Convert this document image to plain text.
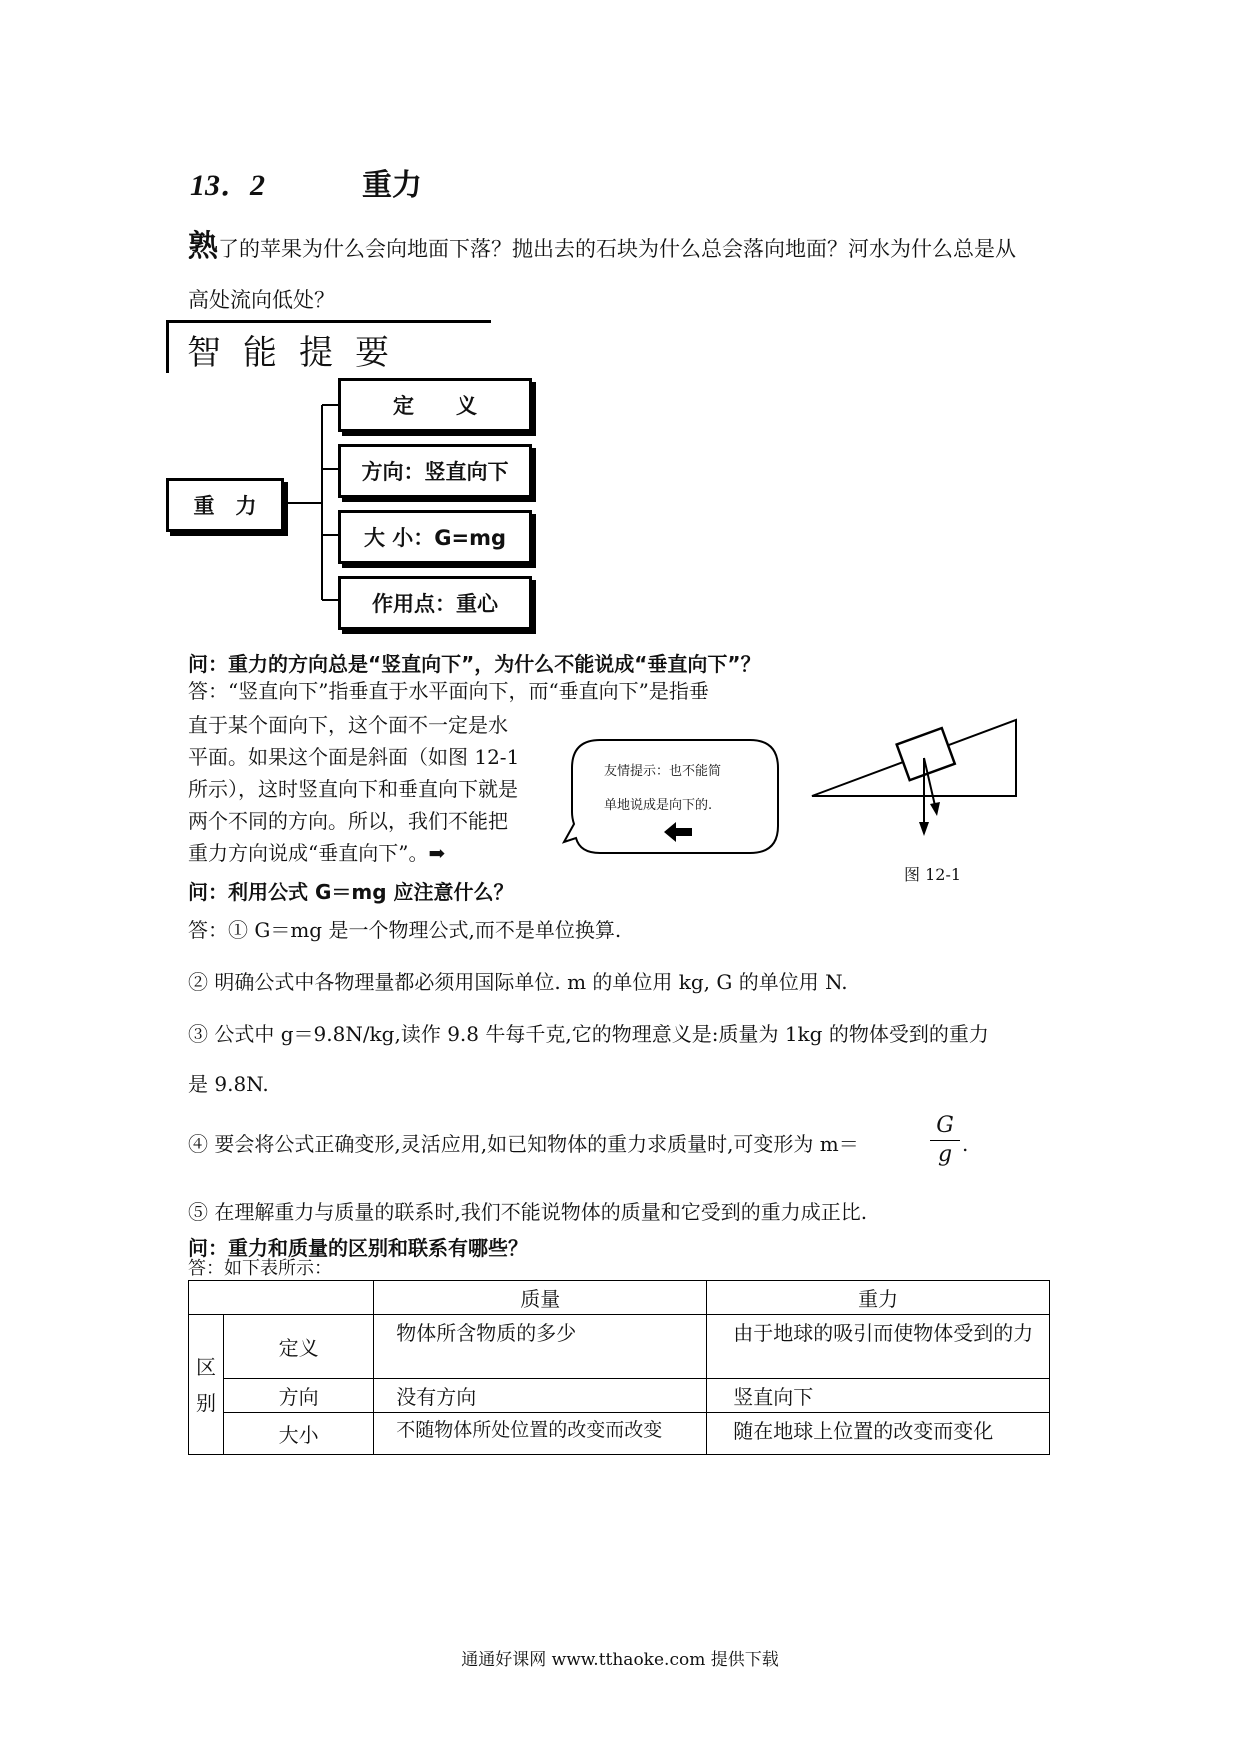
13．2	重力
熟了的苹果为什么会向地面下落？抛出去的石块为什么总会落向地面？河水为什么总是从
高处流向低处？
智能提要
重　力
定　　义
方向：竖直向下
大 小：G=mg
作用点：重心
问：重力的方向总是“竖直向下”，为什么不能说成“垂直向下”？
答：“竖直向下”指垂直于水平面向下，而“垂直向下”是指垂
直于某个面向下，这个面不一定是水
平面。如果这个面是斜面（如图 12-1
所示），这时竖直向下和垂直向下就是
两个不同的方向。所以，我们不能把
重力方向说成“垂直向下”。➡
友情提示：也不能简
单地说成是向下的.
图 12-1
问：利用公式 G＝mg 应注意什么？
答：① G＝mg 是一个物理公式,而不是单位换算.
② 明确公式中各物理量都必须用国际单位. m 的单位用 kg, G 的单位用 N.
③ 公式中 g＝9.8N/kg,读作 9.8 牛每千克,它的物理意义是:质量为 1kg 的物体受到的重力
是 9.8N.
④ 要会将公式正确变形,灵活应用,如已知物体的重力求质量时,可变形为 m＝	$\frac{G}{g}$ .
⑤ 在理解重力与质量的联系时,我们不能说物体的质量和它受到的重力成正比.
问：重力和质量的区别和联系有哪些？
答：如下表所示：
		质量	重力
区
别	定义	物体所含物质的多少	由于地球的吸引而使物体受到的力
	方向	没有方向	竖直向下
	大小	不随物体所处位置的改变而改变	随在地球上位置的改变而变化
通通好课网 www.tthaoke.com 提供下载
